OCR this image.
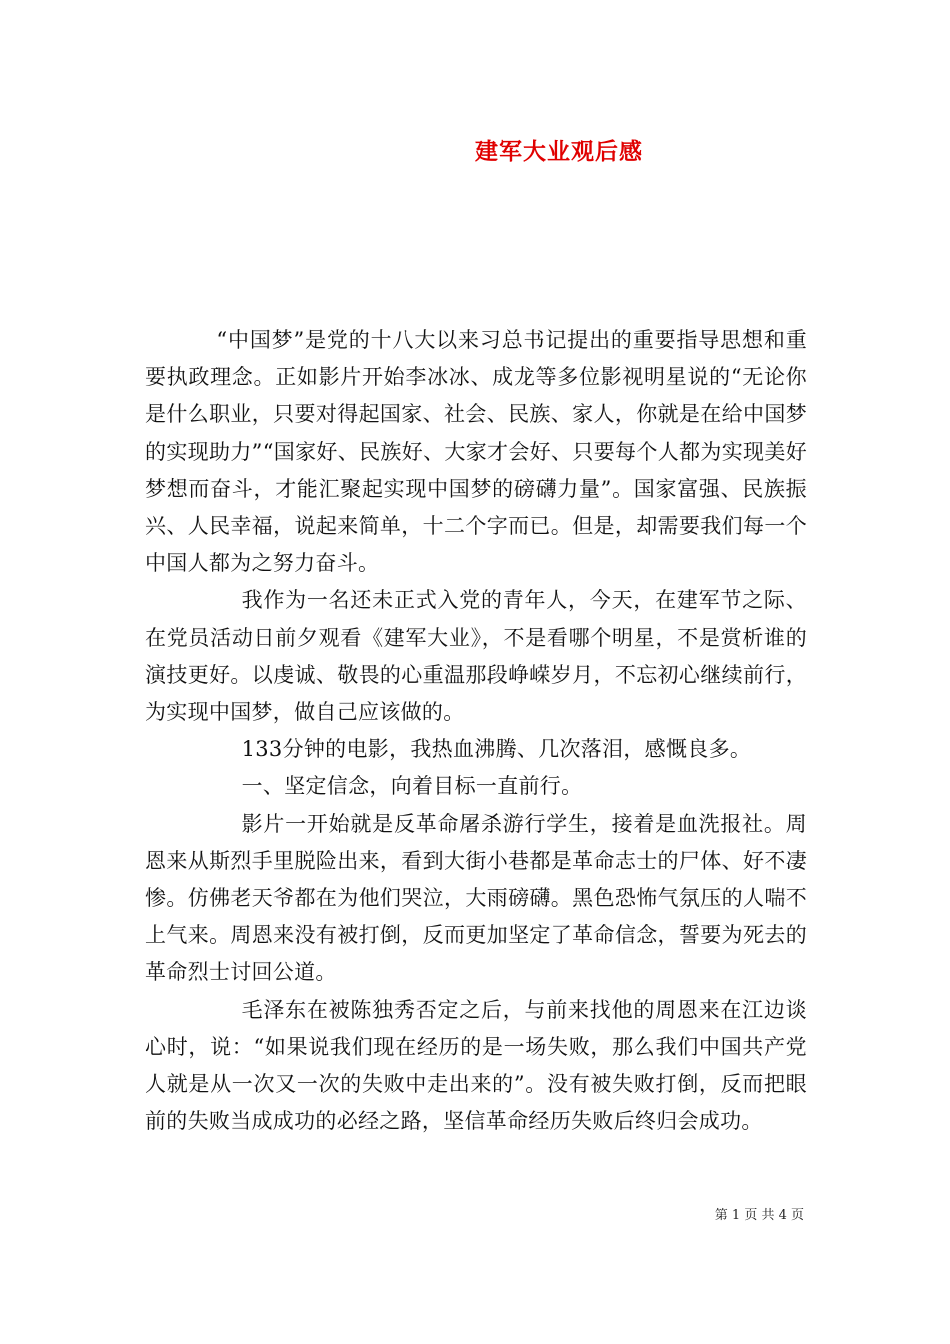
建军大业观后感

“中国梦”是党的十八大以来习总书记提出的重要指导思想和重要执政理念。正如影片开始李冰冰、成龙等多位影视明星说的“无论你是什么职业，只要对得起国家、社会、民族、家人，你就是在给中国梦的实现助力”“国家好、民族好、大家才会好、只要每个人都为实现美好梦想而奋斗，才能汇聚起实现中国梦的磅礴力量”。国家富强、民族振兴、人民幸福，说起来简单，十二个字而已。但是，却需要我们每一个中国人都为之努力奋斗。

我作为一名还未正式入党的青年人，今天，在建军节之际、在党员活动日前夕观看《建军大业》，不是看哪个明星，不是赏析谁的演技更好。以虔诚、敬畏的心重温那段峥嵘岁月，不忘初心继续前行，为实现中国梦，做自己应该做的。

133分钟的电影，我热血沸腾、几次落泪，感慨良多。

一、坚定信念，向着目标一直前行。

影片一开始就是反革命屠杀游行学生，接着是血洗报社。周恩来从斯烈手里脱险出来，看到大街小巷都是革命志士的尸体、好不凄惨。仿佛老天爷都在为他们哭泣，大雨磅礴。黑色恐怖气氛压的人喘不上气来。周恩来没有被打倒，反而更加坚定了革命信念，誓要为死去的革命烈士讨回公道。

毛泽东在被陈独秀否定之后，与前来找他的周恩来在江边谈心时，说：“如果说我们现在经历的是一场失败，那么我们中国共产党人就是从一次又一次的失败中走出来的”。没有被失败打倒，反而把眼前的失败当成成功的必经之路，坚信革命经历失败后终归会成功。

第 1 页 共 4 页
